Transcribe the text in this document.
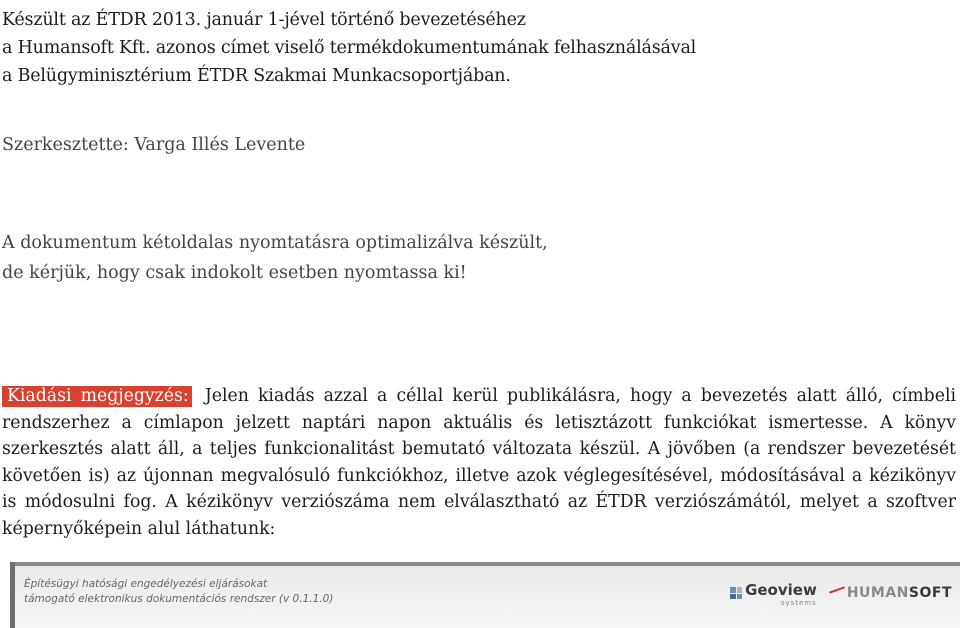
Készült az ÉTDR 2013. január 1-jével történő bevezetéséhez
a Humansoft Kft. azonos címet viselő termékdokumentumának felhasználásával
a Belügyminisztérium ÉTDR Szakmai Munkacsoportjában.
Szerkesztette: Varga Illés Levente
A dokumentum kétoldalas nyomtatásra optimalizálva készült,
de kérjük, hogy csak indokolt esetben nyomtassa ki!
Kiadási megjegyzés: Jelen kiadás azzal a céllal kerül publikálásra, hogy a bevezetés alatt álló, címbeli rendszerhez a címlapon jelzett naptári napon aktuális és letisztázott funkciókat ismertesse. A könyv szerkesztés alatt áll, a teljes funkcionalitást bemutató változata készül. A jövőben (a rendszer bevezetését követően is) az újonnan megvalósuló funkciókhoz, illetve azok véglegesítésével, módosításával a kézikönyv is módosulni fog. A kézikönyv verziószáma nem elválasztható az ÉTDR verziószámától, melyet a szoftver képernyőképein alul láthatunk:
Építésügyi hatósági engedélyezési eljárásokat
támogató elektronikus dokumentációs rendszer (v 0.1.1.0)
Geoview
systems
HUMAN SOFT
